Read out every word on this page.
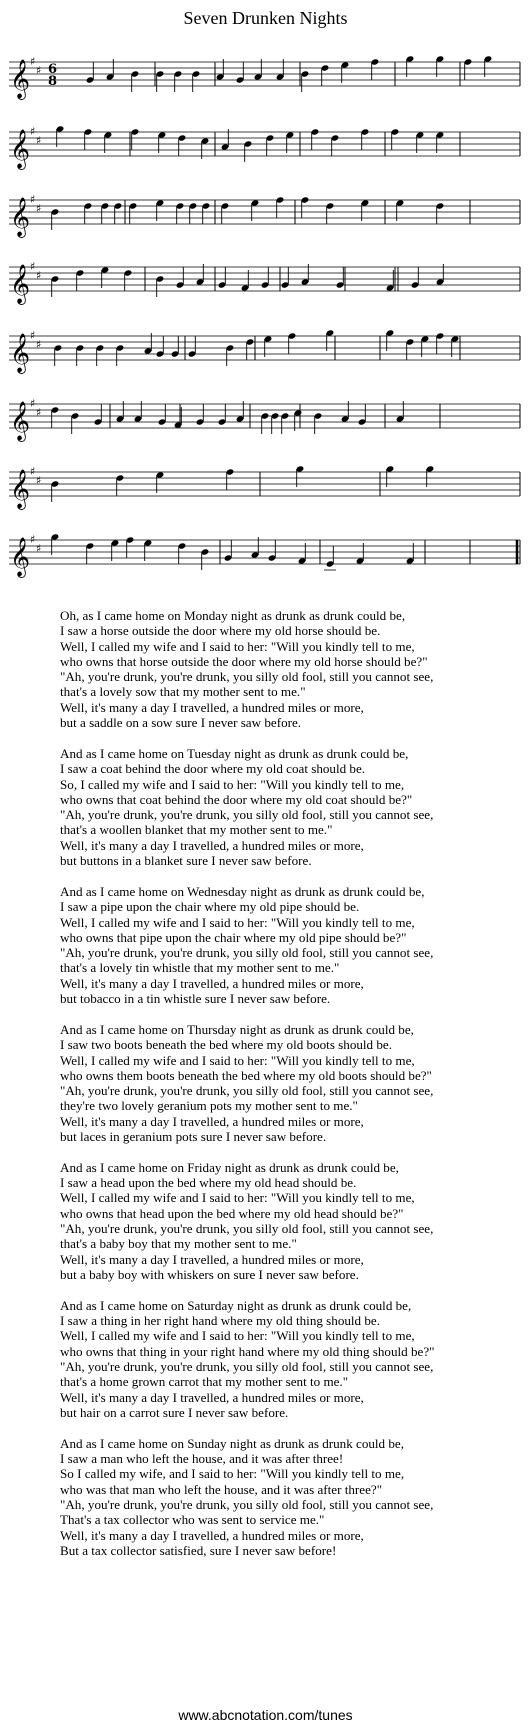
Seven Drunken Nights
𝄞 ♯
♯ 6
8
𝄞 ♯
♯
𝄞 ♯
♯
𝄞 ♯
♯
𝄞 ♯
♯
𝄞 ♯
♯
𝄞 ♯
♯
𝄞 ♯
♯
Oh, as I came home on Monday night as drunk as drunk could be,
I saw a horse outside the door where my old horse should be.
Well, I called my wife and I said to her: "Will you kindly tell to me,
who owns that horse outside the door where my old horse should be?"
"Ah, you're drunk, you're drunk, you silly old fool, still you cannot see,
that's a lovely sow that my mother sent to me."
Well, it's many a day I travelled, a hundred miles or more,
but a saddle on a sow sure I never saw before.
And as I came home on Tuesday night as drunk as drunk could be,
I saw a coat behind the door where my old coat should be.
So, I called my wife and I said to her: "Will you kindly tell to me,
who owns that coat behind the door where my old coat should be?"
"Ah, you're drunk, you're drunk, you silly old fool, still you cannot see,
that's a woollen blanket that my mother sent to me."
Well, it's many a day I travelled, a hundred miles or more,
but buttons in a blanket sure I never saw before.
And as I came home on Wednesday night as drunk as drunk could be,
I saw a pipe upon the chair where my old pipe should be.
Well, I called my wife and I said to her: "Will you kindly tell to me,
who owns that pipe upon the chair where my old pipe should be?"
"Ah, you're drunk, you're drunk, you silly old fool, still you cannot see,
that's a lovely tin whistle that my mother sent to me."
Well, it's many a day I travelled, a hundred miles or more,
but tobacco in a tin whistle sure I never saw before.
And as I came home on Thursday night as drunk as drunk could be,
I saw two boots beneath the bed where my old boots should be.
Well, I called my wife and I said to her: "Will you kindly tell to me,
who owns them boots beneath the bed where my old boots should be?"
"Ah, you're drunk, you're drunk, you silly old fool, still you cannot see,
they're two lovely geranium pots my mother sent to me."
Well, it's many a day I travelled, a hundred miles or more,
but laces in geranium pots sure I never saw before.
And as I came home on Friday night as drunk as drunk could be,
I saw a head upon the bed where my old head should be.
Well, I called my wife and I said to her: "Will you kindly tell to me,
who owns that head upon the bed where my old head should be?"
"Ah, you're drunk, you're drunk, you silly old fool, still you cannot see,
that's a baby boy that my mother sent to me."
Well, it's many a day I travelled, a hundred miles or more,
but a baby boy with whiskers on sure I never saw before.
And as I came home on Saturday night as drunk as drunk could be,
I saw a thing in her right hand where my old thing should be.
Well, I called my wife and I said to her: "Will you kindly tell to me,
who owns that thing in your right hand where my old thing should be?"
"Ah, you're drunk, you're drunk, you silly old fool, still you cannot see,
that's a home grown carrot that my mother sent to me."
Well, it's many a day I travelled, a hundred miles or more,
but hair on a carrot sure I never saw before.
And as I came home on Sunday night as drunk as drunk could be,
I saw a man who left the house, and it was after three!
So I called my wife, and I said to her: "Will you kindly tell to me,
who was that man who left the house, and it was after three?"
"Ah, you're drunk, you're drunk, you silly old fool, still you cannot see,
That's a tax collector who was sent to service me."
Well, it's many a day I travelled, a hundred miles or more,
But a tax collector satisfied, sure I never saw before!
www.abcnotation.com/tunes
